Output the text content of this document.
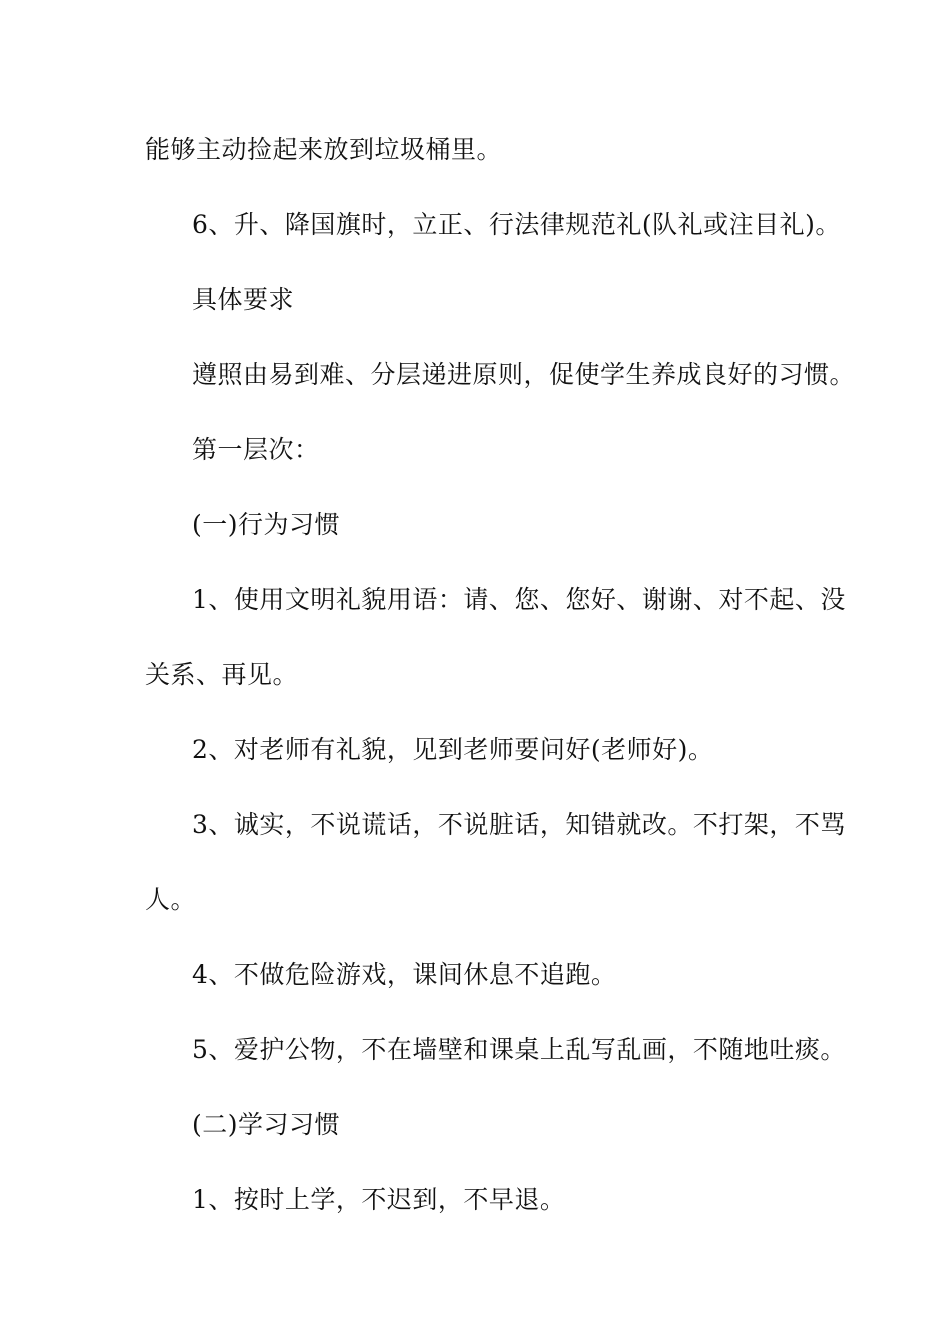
能够主动捡起来放到垃圾桶里。
6、升、降国旗时，立正、行法律规范礼(队礼或注目礼)。
具体要求
遵照由易到难、分层递进原则，促使学生养成良好的习惯。
第一层次：
(一)行为习惯
1、使用文明礼貌用语：请、您、您好、谢谢、对不起、没
关系、再见。
2、对老师有礼貌，见到老师要问好(老师好)。
3、诚实，不说谎话，不说脏话，知错就改。不打架，不骂
人。
4、不做危险游戏，课间休息不追跑。
5、爱护公物，不在墙壁和课桌上乱写乱画，不随地吐痰。
(二)学习习惯
1、按时上学，不迟到，不早退。
